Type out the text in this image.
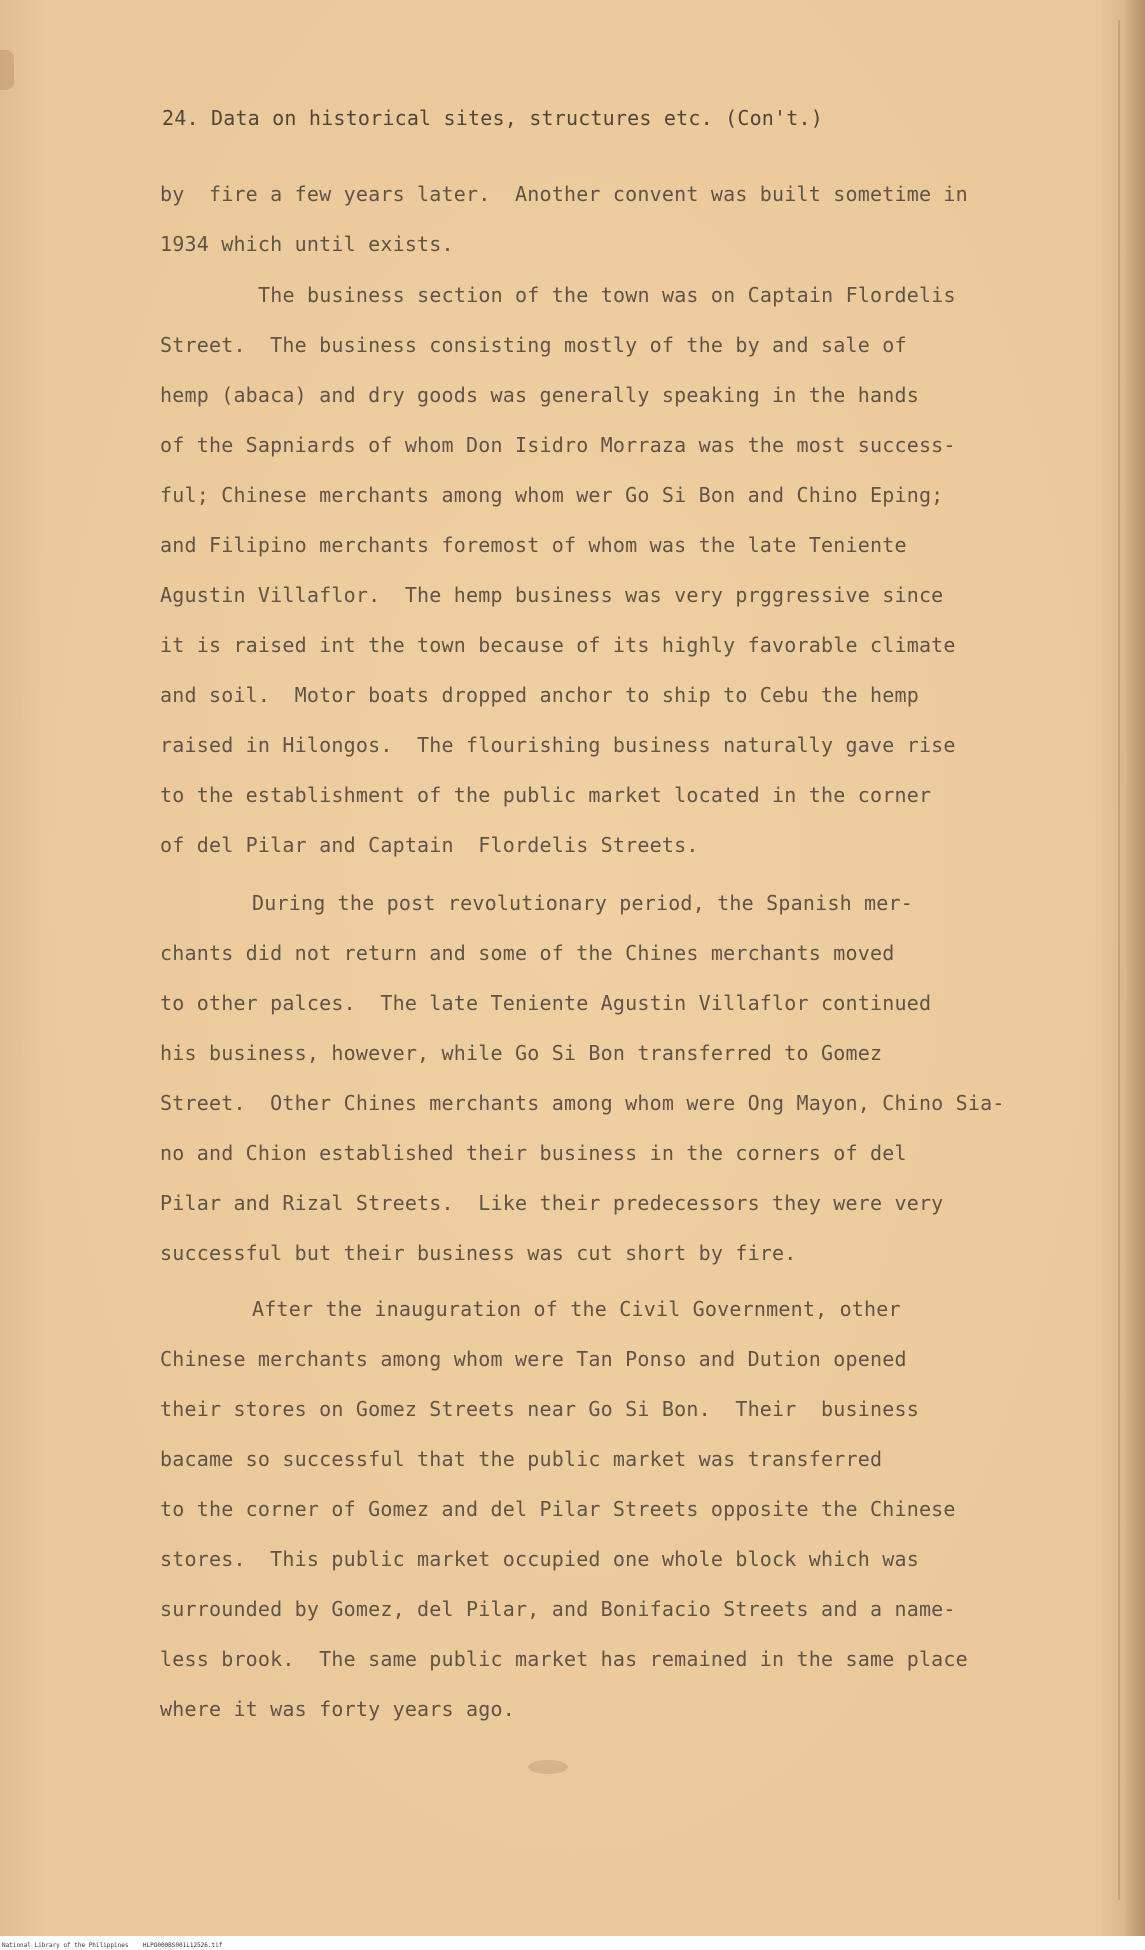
24. Data on historical sites, structures etc. (Con't.)
by  fire a few years later.  Another convent was built sometime in
1934 which until exists.
The business section of the town was on Captain Flordelis
Street.  The business consisting mostly of the by and sale of
hemp (abaca) and dry goods was generally speaking in the hands
of the Sapniards of whom Don Isidro Morraza was the most success-
ful; Chinese merchants among whom wer Go Si Bon and Chino Eping;
and Filipino merchants foremost of whom was the late Teniente
Agustin Villaflor.  The hemp business was very prggressive since
it is raised int the town because of its highly favorable climate
and soil.  Motor boats dropped anchor to ship to Cebu the hemp
raised in Hilongos.  The flourishing business naturally gave rise
to the establishment of the public market located in the corner
of del Pilar and Captain  Flordelis Streets.
During the post revolutionary period, the Spanish mer-
chants did not return and some of the Chines merchants moved
to other palces.  The late Teniente Agustin Villaflor continued
his business, however, while Go Si Bon transferred to Gomez
Street.  Other Chines merchants among whom were Ong Mayon, Chino Sia-
no and Chion established their business in the corners of del
Pilar and Rizal Streets.  Like their predecessors they were very
successful but their business was cut short by fire.
After the inauguration of the Civil Government, other
Chinese merchants among whom were Tan Ponso and Dution opened
their stores on Gomez Streets near Go Si Bon.  Their  business
bacame so successful that the public market was transferred
to the corner of Gomez and del Pilar Streets opposite the Chinese
stores.  This public market occupied one whole block which was
surrounded by Gomez, del Pilar, and Bonifacio Streets and a name-
less brook.  The same public market has remained in the same place
where it was forty years ago.
National Library of the Philippines    HLPO000BS001L12526.tif
